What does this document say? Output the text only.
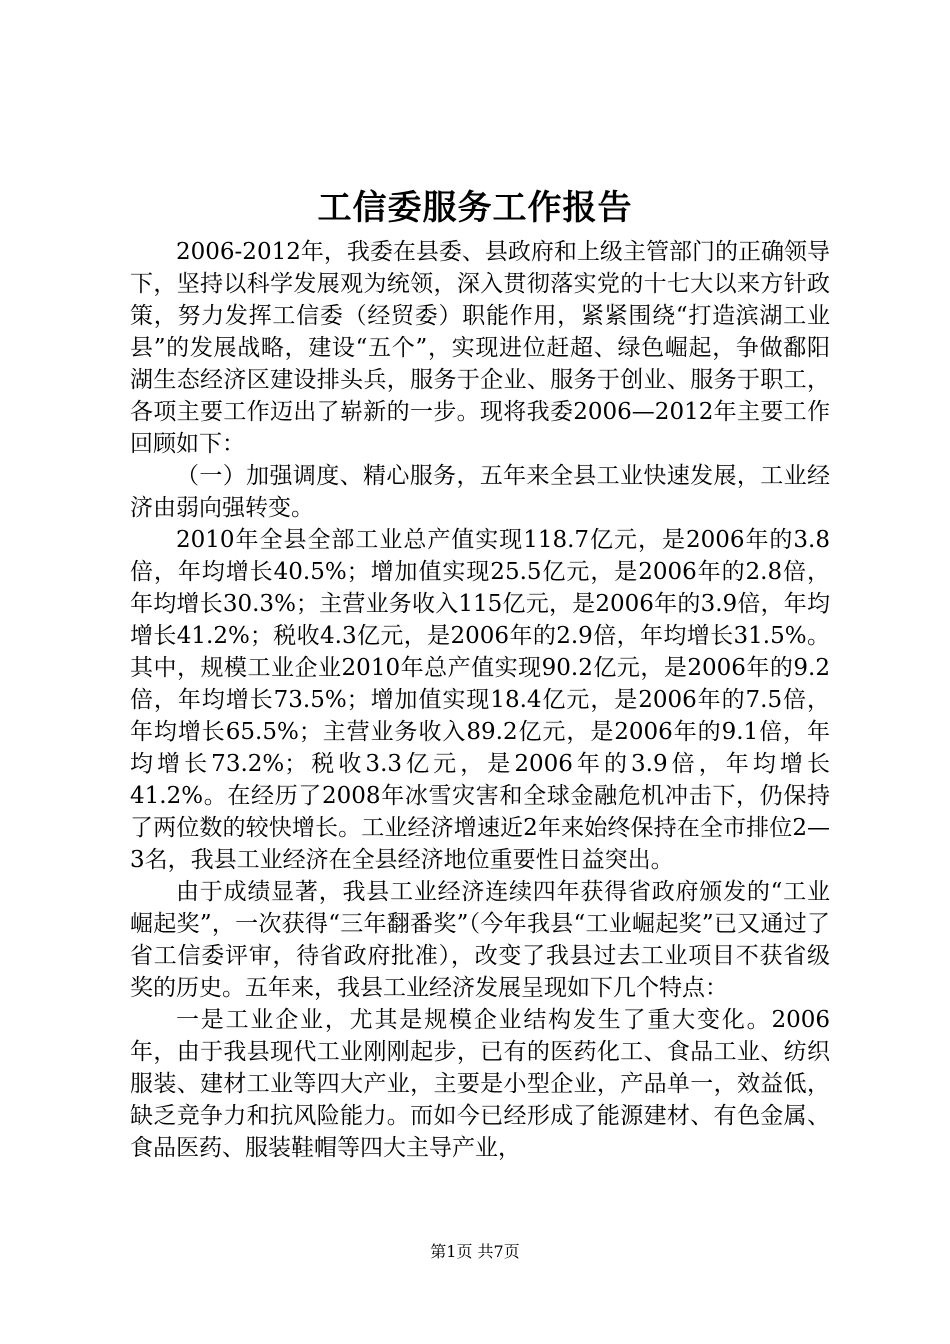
工信委服务工作报告

2006-2012年，我委在县委、县政府和上级主管部门的正确领导下，坚持以科学发展观为统领，深入贯彻落实党的十七大以来方针政策，努力发挥工信委（经贸委）职能作用，紧紧围绕“打造滨湖工业县”的发展战略，建设“五个”，实现进位赶超、绿色崛起，争做鄱阳湖生态经济区建设排头兵，服务于企业、服务于创业、服务于职工，各项主要工作迈出了崭新的一步。现将我委2006—2012年主要工作回顾如下：

（一）加强调度、精心服务，五年来全县工业快速发展，工业经济由弱向强转变。

2010年全县全部工业总产值实现118.7亿元，是2006年的3.8倍，年均增长40.5%；增加值实现25.5亿元，是2006年的2.8倍，年均增长30.3%；主营业务收入115亿元，是2006年的3.9倍，年均增长41.2%；税收4.3亿元，是2006年的2.9倍，年均增长31.5%。其中，规模工业企业2010年总产值实现90.2亿元，是2006年的9.2倍，年均增长73.5%；增加值实现18.4亿元，是2006年的7.5倍，年均增长65.5%；主营业务收入89.2亿元，是2006年的9.1倍，年均增长73.2%；税收3.3亿元，是2006年的3.9倍，年均增长41.2%。在经历了2008年冰雪灾害和全球金融危机冲击下，仍保持了两位数的较快增长。工业经济增速近2年来始终保持在全市排位2—3名，我县工业经济在全县经济地位重要性日益突出。

由于成绩显著，我县工业经济连续四年获得省政府颁发的“工业崛起奖”，一次获得“三年翻番奖”（今年我县“工业崛起奖”已又通过了省工信委评审，待省政府批准），改变了我县过去工业项目不获省级奖的历史。五年来，我县工业经济发展呈现如下几个特点：

一是工业企业，尤其是规模企业结构发生了重大变化。2006年，由于我县现代工业刚刚起步，已有的医药化工、食品工业、纺织服装、建材工业等四大产业，主要是小型企业，产品单一，效益低，缺乏竞争力和抗风险能力。而如今已经形成了能源建材、有色金属、食品医药、服装鞋帽等四大主导产业，

第1页 共7页
